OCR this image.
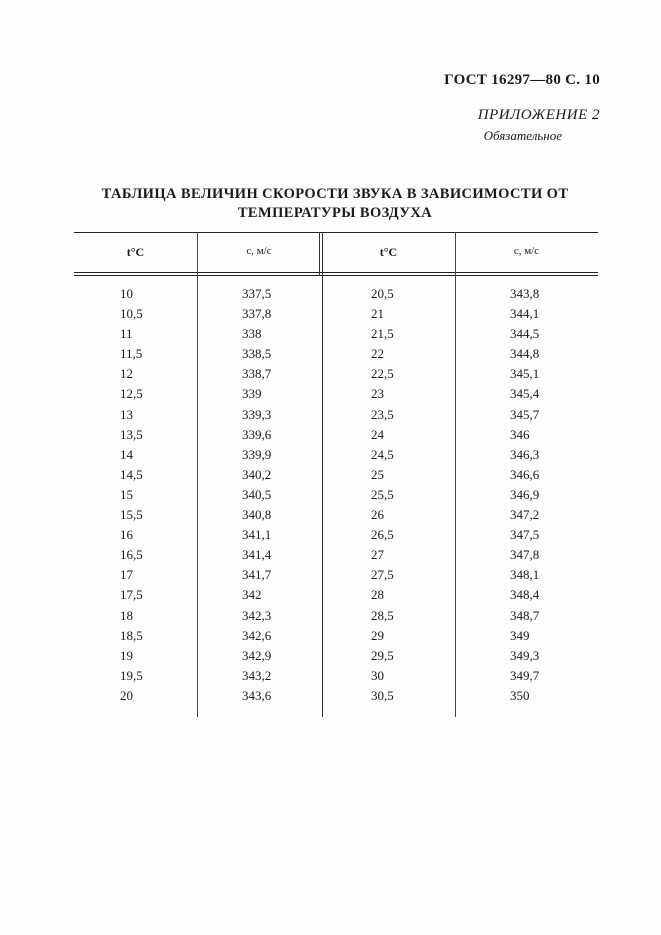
ГОСТ 16297—80 С. 10
ПРИЛОЖЕНИЕ 2
Обязательное
ТАБЛИЦА ВЕЛИЧИН СКОРОСТИ ЗВУКА В ЗАВИСИМОСТИ ОТ
ТЕМПЕРАТУРЫ ВОЗДУХА
t°C	c, м/с	t°C	c, м/с
10	337,5	20,5	343,8
10,5	337,8	21	344,1
11	338	21,5	344,5
11,5	338,5	22	344,8
12	338,7	22,5	345,1
12,5	339	23	345,4
13	339,3	23,5	345,7
13,5	339,6	24	346
14	339,9	24,5	346,3
14,5	340,2	25	346,6
15	340,5	25,5	346,9
15,5	340,8	26	347,2
16	341,1	26,5	347,5
16,5	341,4	27	347,8
17	341,7	27,5	348,1
17,5	342	28	348,4
18	342,3	28,5	348,7
18,5	342,6	29	349
19	342,9	29,5	349,3
19,5	343,2	30	349,7
20	343,6	30,5	350
